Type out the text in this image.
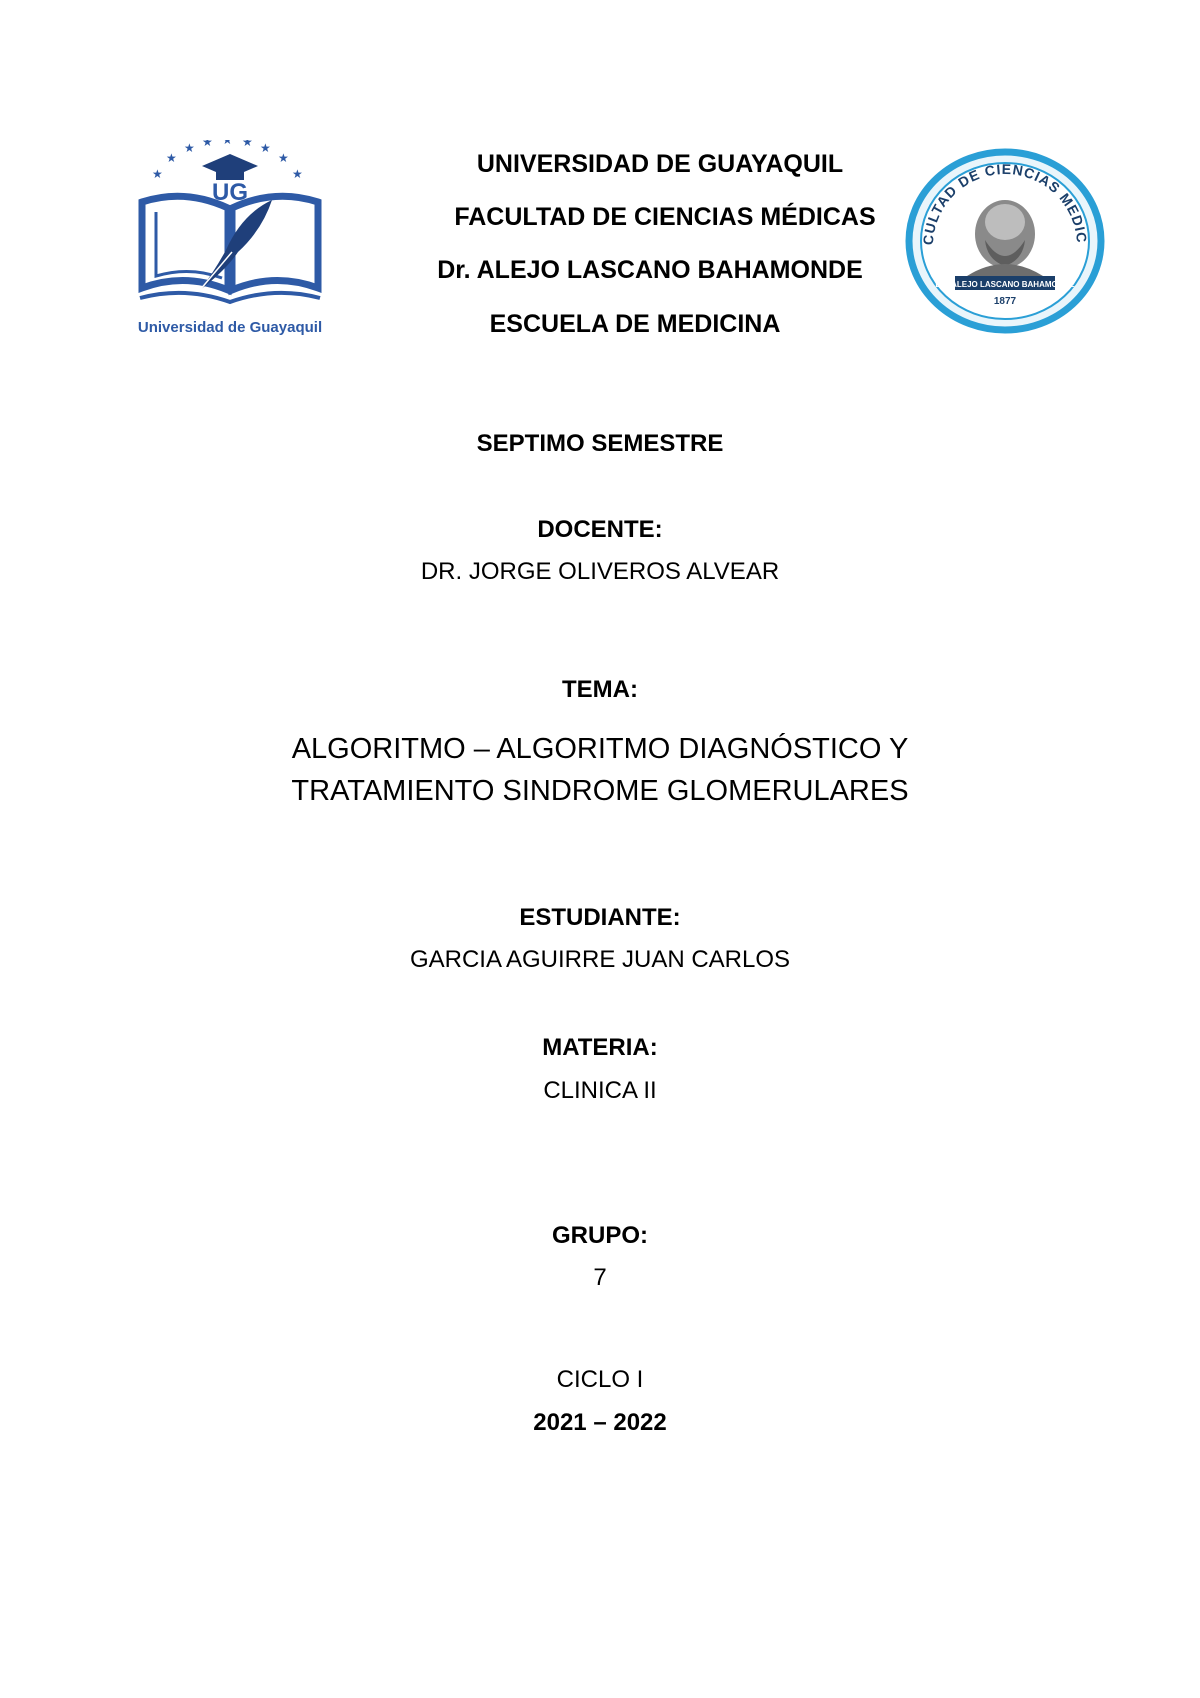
★
★
★ ★ ★ ★ ★
★
★
UG
Universidad de Guayaquil
CULTAD DE CIENCIAS MEDIC
DR. ALEJO LASCANO BAHAMONDE
1877
UNIVERSIDAD DE GUAYAQUIL
FACULTAD DE CIENCIAS MÉDICAS
Dr. ALEJO LASCANO BAHAMONDE
ESCUELA DE MEDICINA
SEPTIMO SEMESTRE
DOCENTE:
DR. JORGE OLIVEROS ALVEAR
TEMA:
ALGORITMO – ALGORITMO DIAGNÓSTICO Y
TRATAMIENTO SINDROME GLOMERULARES
ESTUDIANTE:
GARCIA AGUIRRE JUAN CARLOS
MATERIA:
CLINICA II
GRUPO:
7
CICLO I
2021 – 2022
